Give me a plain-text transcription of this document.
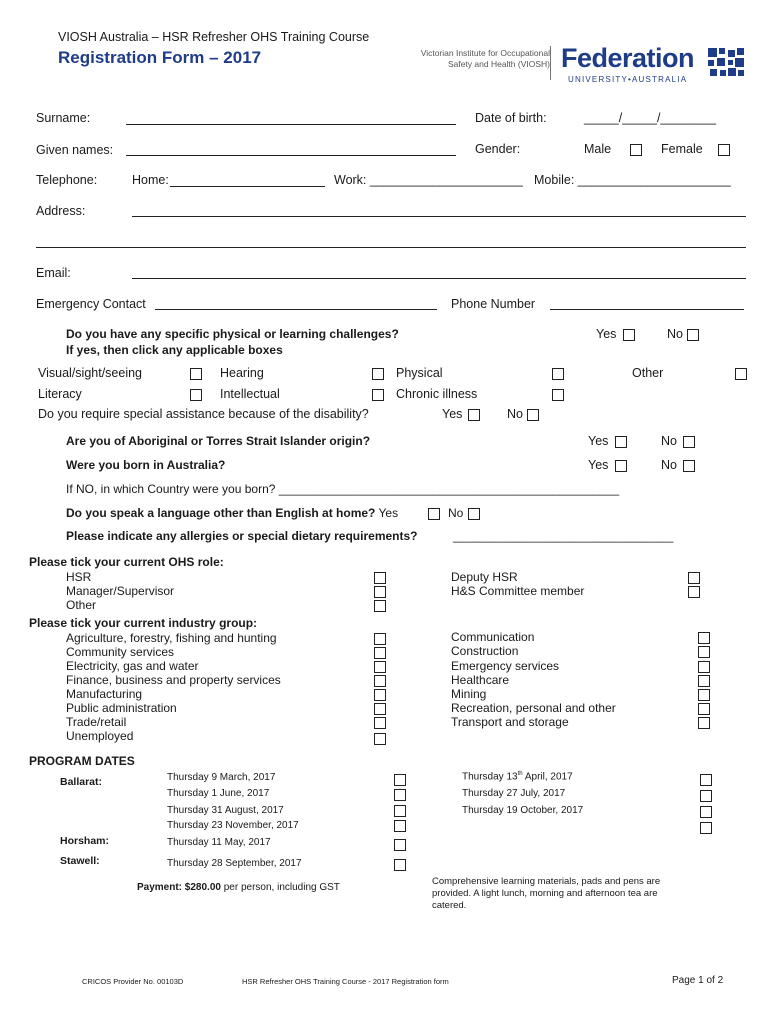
VIOSH Australia – HSR Refresher OHS Training Course
Registration Form – 2017	Victorian Institute for Occupational
Safety and Health (VIOSH) Federation
UNIVERSITY•AUSTRALIA
Surname:	Date of birth:	_____/_____/________
Given names:	Gender:	Male	Female
Telephone:	Home:	Work: ______________________ Mobile: ______________________
Address:
Email:
Emergency Contact	Phone Number
Do you have any specific physical or learning challenges?
If yes, then click any applicable boxes
Yes	No
Visual/sight/seeing	Hearing	Physical	Other
Literacy	Intellectual	Chronic illness
Do you require special assistance because of the disability?	Yes	No
Are you of Aboriginal or Torres Strait Islander origin?	Yes	No
Were you born in Australia?	Yes	No
If NO, in which Country were you born? ___________________________________________________
Do you speak a language other than English at home? Yes	No
Please indicate any allergies or special dietary requirements?	_________________________________
Please tick your current OHS role:
HSR
Manager/Supervisor
Other
Deputy HSR
H&S Committee member
Please tick your current industry group:
Agriculture, forestry, fishing and hunting
Community services
Electricity, gas and water
Finance, business and property services
Manufacturing
Public administration
Trade/retail
Unemployed
Communication
Construction
Emergency services
Healthcare
Mining
Recreation, personal and other
Transport and storage
PROGRAM DATES
Ballarat:	Thursday 9 March, 2017
Thursday 1 June, 2017
Thursday 31 August, 2017
Thursday 23 November, 2017
Thursday 13th April, 2017
Thursday 27 July, 2017
Thursday 19 October, 2017
Horsham:	Thursday 11 May, 2017
Stawell:	Thursday 28 September, 2017
Payment: $280.00 per person, including GST
Comprehensive learning materials, pads and pens are
provided. A light lunch, morning and afternoon tea are
catered.
CRICOS Provider No. 00103D	HSR Refresher OHS Training Course - 2017 Registration form	Page 1 of 2
